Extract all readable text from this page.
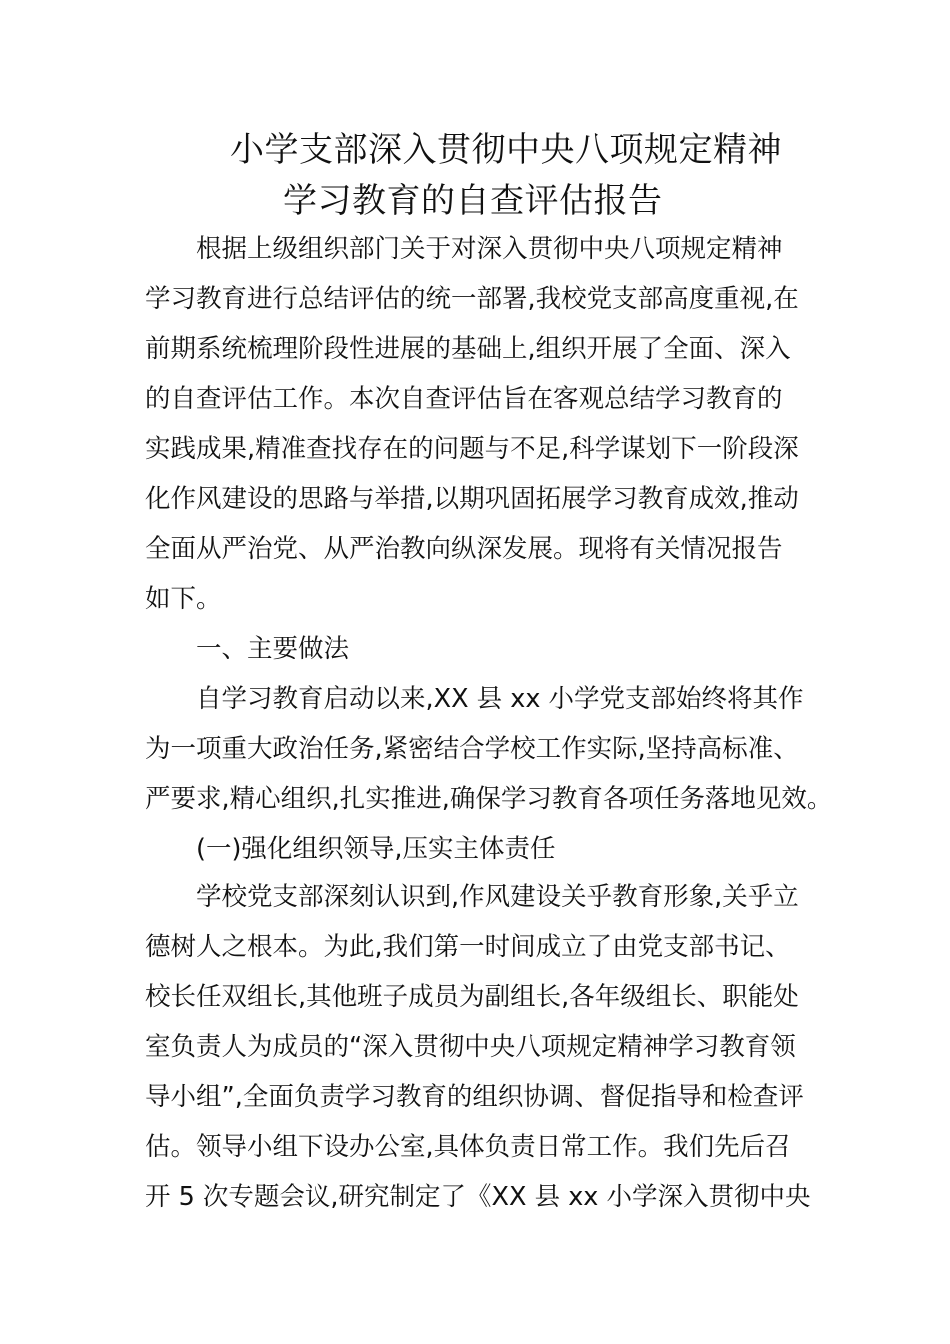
小学支部深入贯彻中央八项规定精神
学习教育的自查评估报告
根据上级组织部门关于对深入贯彻中央八项规定精神
学习教育进行总结评估的统一部署,我校党支部高度重视,在
前期系统梳理阶段性进展的基础上,组织开展了全面、深入
的自查评估工作。本次自查评估旨在客观总结学习教育的
实践成果,精准查找存在的问题与不足,科学谋划下一阶段深
化作风建设的思路与举措,以期巩固拓展学习教育成效,推动
全面从严治党、从严治教向纵深发展。现将有关情况报告
如下。
一、主要做法
自学习教育启动以来,XX 县 xx 小学党支部始终将其作
为一项重大政治任务,紧密结合学校工作实际,坚持高标准、
严要求,精心组织,扎实推进,确保学习教育各项任务落地见效。
(一)强化组织领导,压实主体责任
学校党支部深刻认识到,作风建设关乎教育形象,关乎立
德树人之根本。为此,我们第一时间成立了由党支部书记、
校长任双组长,其他班子成员为副组长,各年级组长、职能处
室负责人为成员的“深入贯彻中央八项规定精神学习教育领
导小组”,全面负责学习教育的组织协调、督促指导和检查评
估。领导小组下设办公室,具体负责日常工作。我们先后召
开 5 次专题会议,研究制定了《XX 县 xx 小学深入贯彻中央
